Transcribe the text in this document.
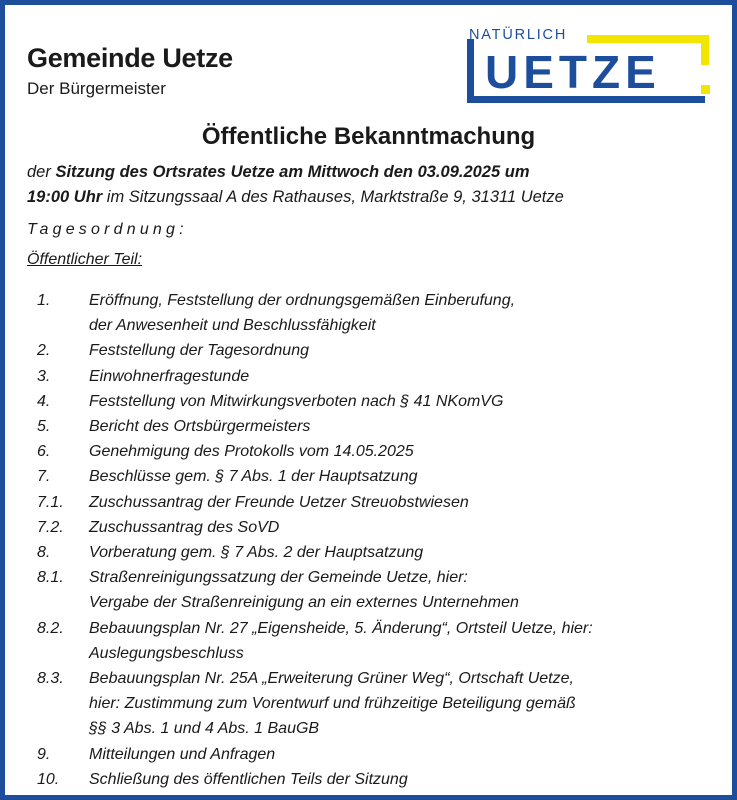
Gemeinde Uetze
Der Bürgermeister
NATÜRLICH
UETZE
Öffentliche Bekanntmachung
der Sitzung des Ortsrates Uetze am Mittwoch den 03.09.2025 um
19:00 Uhr im Sitzungssaal A des Rathauses, Marktstraße 9, 31311 Uetze
Tagesordnung:
Öffentlicher Teil:
1. Eröffnung, Feststellung der ordnungsgemäßen Einberufung,
der Anwesenheit und Beschlussfähigkeit
2. Feststellung der Tagesordnung
3. Einwohnerfragestunde
4. Feststellung von Mitwirkungsverboten nach § 41 NKomVG
5. Bericht des Ortsbürgermeisters
6. Genehmigung des Protokolls vom 14.05.2025
7. Beschlüsse gem. § 7 Abs. 1 der Hauptsatzung
7.1. Zuschussantrag der Freunde Uetzer Streuobstwiesen
7.2. Zuschussantrag des SoVD
8. Vorberatung gem. § 7 Abs. 2 der Hauptsatzung
8.1. Straßenreinigungssatzung der Gemeinde Uetze, hier:
Vergabe der Straßenreinigung an ein externes Unternehmen
8.2. Bebauungsplan Nr. 27 „Eigensheide, 5. Änderung“, Ortsteil Uetze, hier:
Auslegungsbeschluss
8.3. Bebauungsplan Nr. 25A „Erweiterung Grüner Weg“, Ortschaft Uetze,
hier: Zustimmung zum Vorentwurf und frühzeitige Beteiligung gemäß
§§ 3 Abs. 1 und 4 Abs. 1 BauGB
9. Mitteilungen und Anfragen
10. Schließung des öffentlichen Teils der Sitzung
